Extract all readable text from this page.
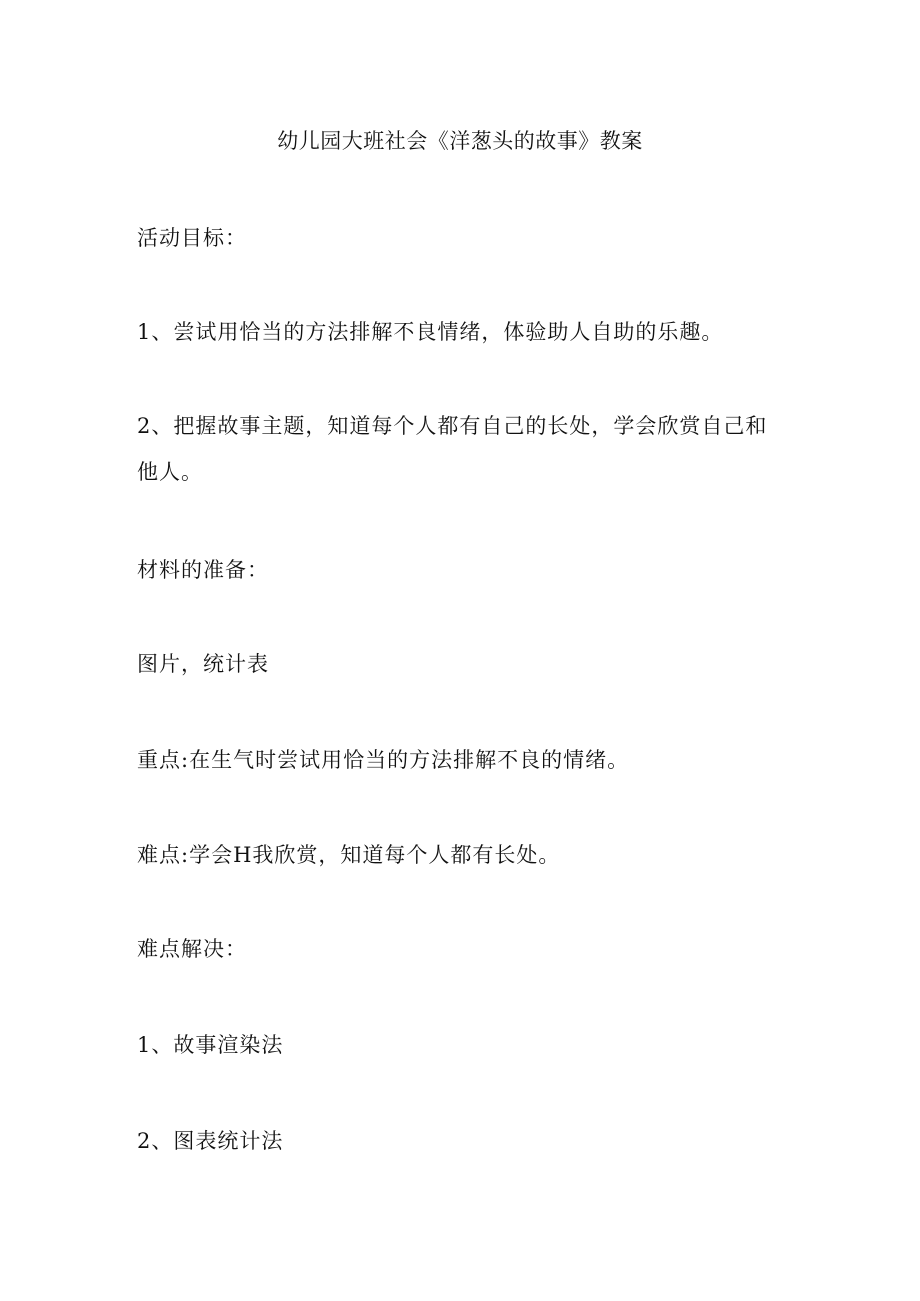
幼儿园大班社会《洋葱头的故事》教案
活动目标：
1、尝试用恰当的方法排解不良情绪，体验助人自助的乐趣。
2、把握故事主题，知道每个人都有自己的长处，学会欣赏自己和他人。
材料的准备：
图片，统计表
重点:在生气时尝试用恰当的方法排解不良的情绪。
难点:学会H我欣赏，知道每个人都有长处。
难点解决：
1、故事渲染法
2、图表统计法
